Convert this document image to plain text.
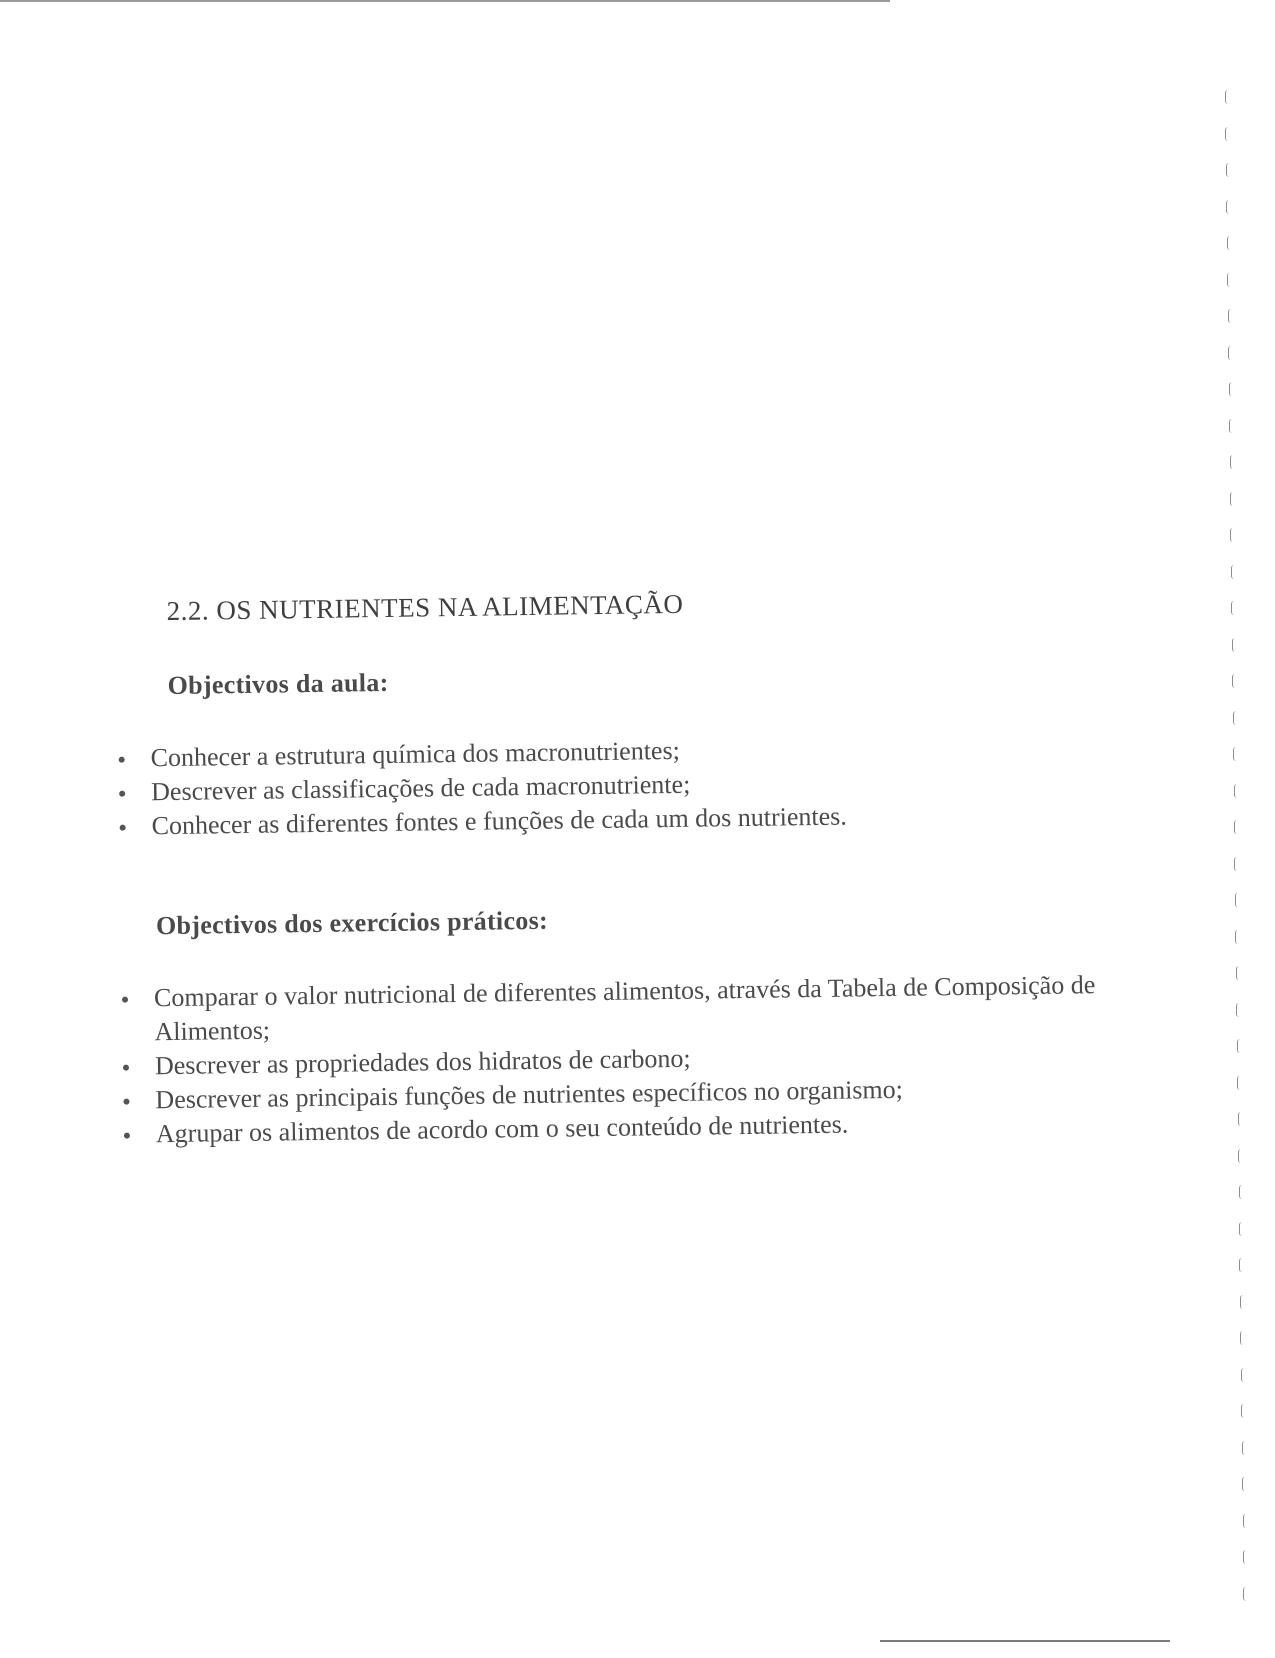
2.2. OS NUTRIENTES NA ALIMENTAÇÃO
Objectivos da aula:
Conhecer a estrutura química dos macronutrientes;
Descrever as classificações de cada macronutriente;
Conhecer as diferentes fontes e funções de cada um dos nutrientes.
Objectivos dos exercícios práticos:
Comparar o valor nutricional de diferentes alimentos, através da Tabela de Composição de Alimentos;
Descrever as propriedades dos hidratos de carbono;
Descrever as principais funções de nutrientes específicos no organismo;
Agrupar os alimentos de acordo com o seu conteúdo de nutrientes.
